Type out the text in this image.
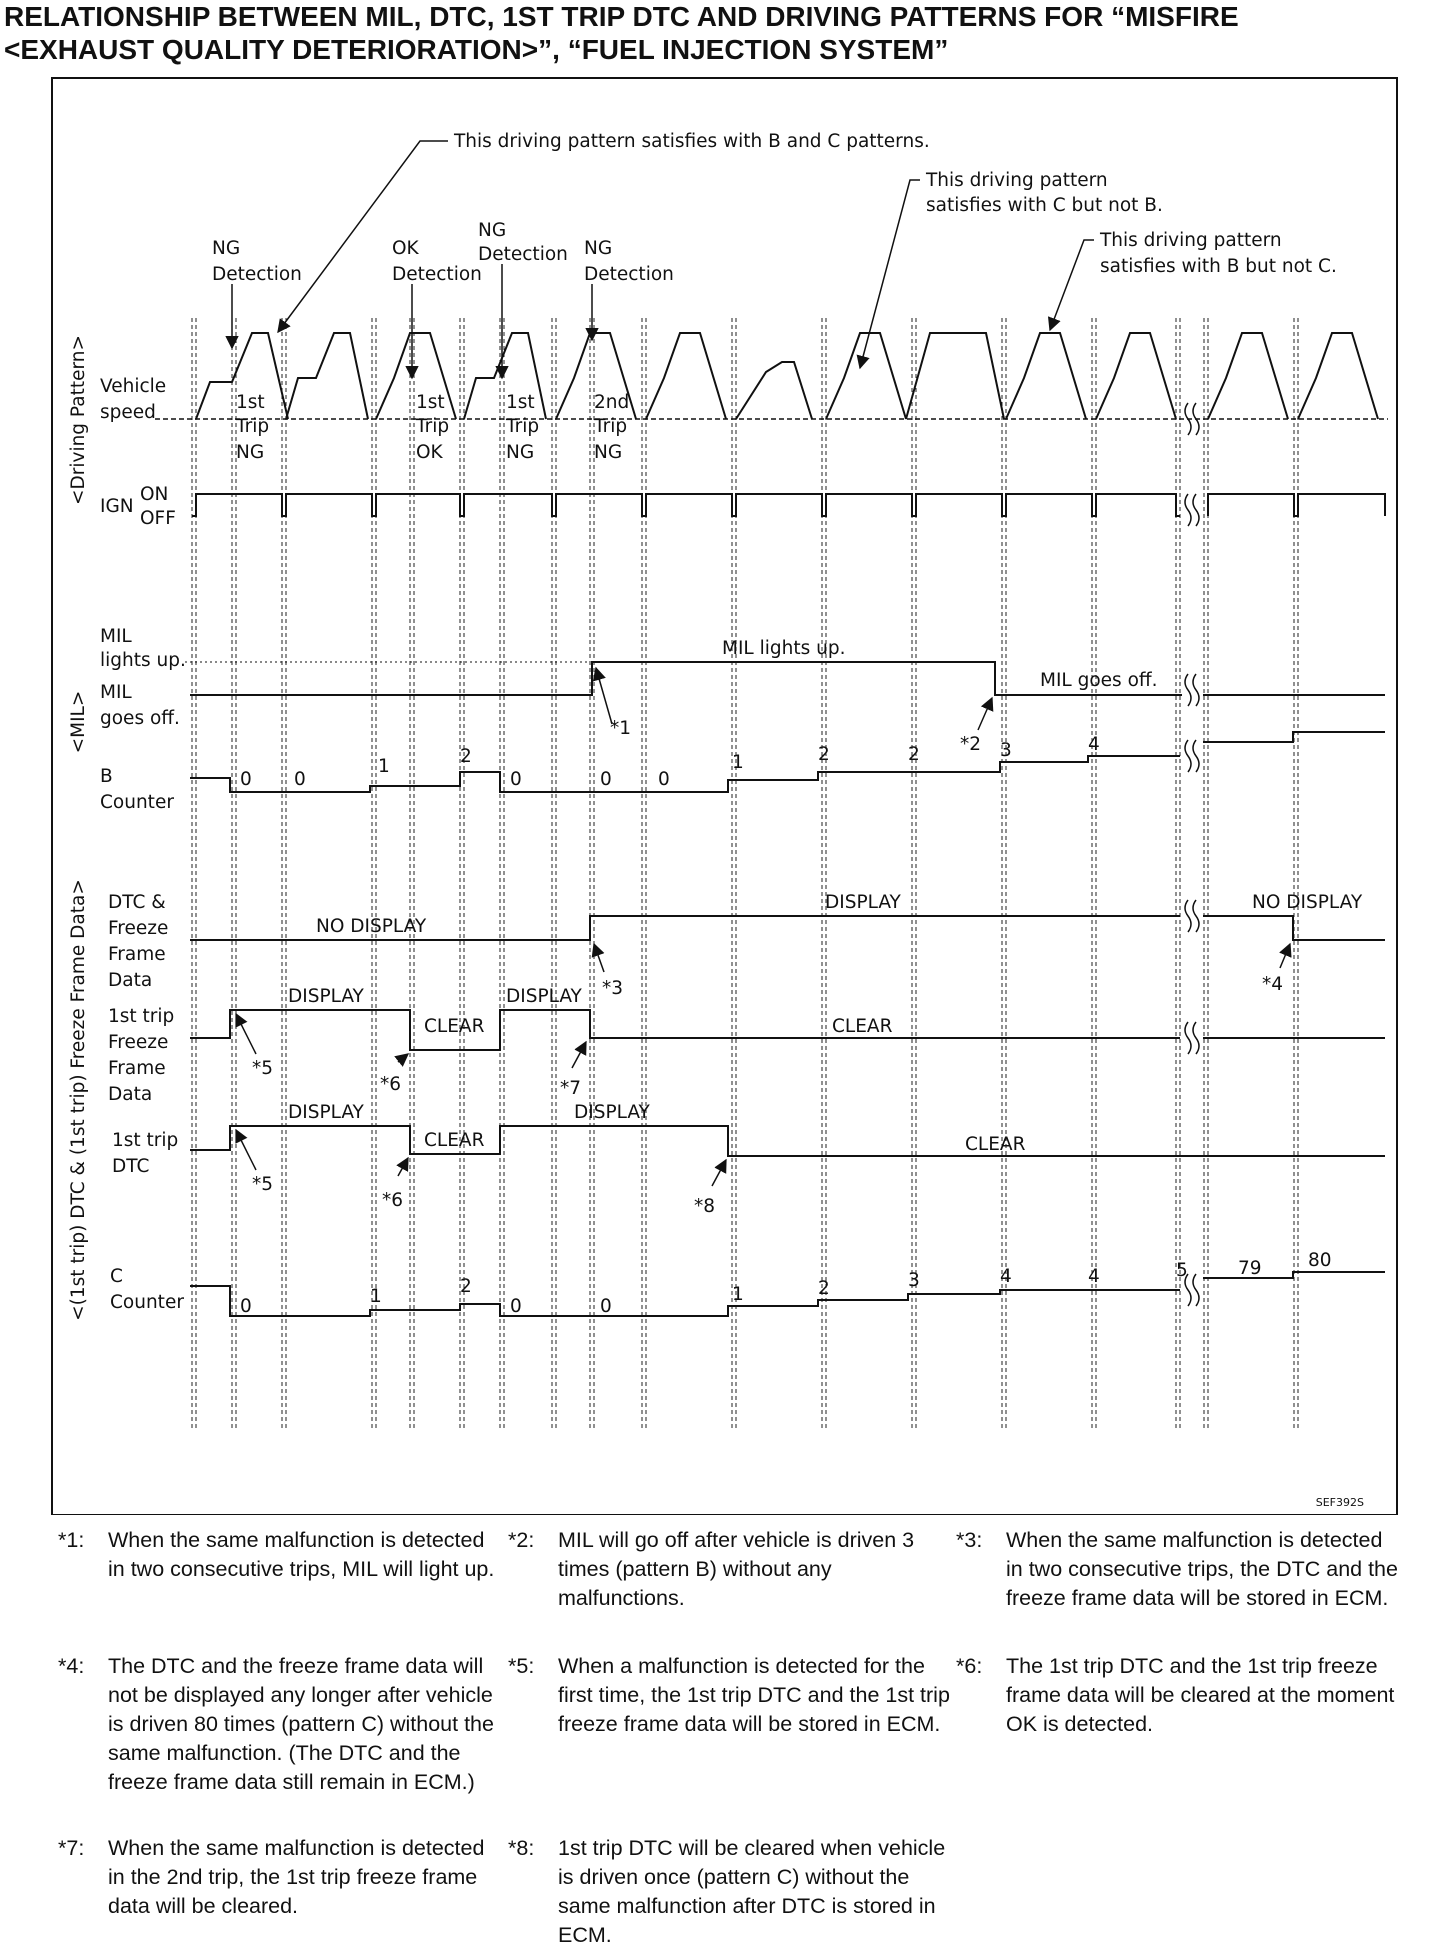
RELATIONSHIP BETWEEN MIL, DTC, 1ST TRIP DTC AND DRIVING PATTERNS FOR “MISFIRE
<EXHAUST QUALITY DETERIORATION>”, “FUEL INJECTION SYSTEM”
<Driving Pattern>
<MIL>
<(1st trip) DTC & (1st trip) Freeze Frame Data>
Vehicle
speed
IGN
ON
OFF
MIL
lights up.
MIL
goes off.
B
Counter
DTC &
Freeze
Frame
Data
1st trip
Freeze
Frame
Data
1st trip
DTC
C
Counter
0 0
1	2
0	0 0
1	2	2	3	4
0	1	2
0	0
1	2	3	4	4	5	79	80
NG
Detection
OK
Detection
NG
Detection NG
Detection
1st
Trip
NG
1st
Trip
OK
1st
Trip
NG
2nd
Trip
NG
This driving pattern satisfies with B and C patterns.
This driving pattern
satisfies with C but not B.
This driving pattern
satisfies with B but not C.
MIL lights up.
MIL goes off.
NO DISPLAY
DISPLAY	NO DISPLAY
DISPLAY
CLEAR
DISPLAY
CLEAR
DISPLAY
CLEAR
DISPLAY
CLEAR
*1
*2
*3	*4
*5
*6	*7
*5
*6	*8
SEF392S
*1: When the same malfunction is detected in two consecutive trips, MIL will light up.
*2: MIL will go off after vehicle is driven 3 times (pattern B) without any malfunctions.
*3: When the same malfunction is detected in two consecutive trips, the DTC and the freeze frame data will be stored in ECM.
*4: The DTC and the freeze frame data will not be displayed any longer after vehicle is driven 80 times (pattern C) without the same malfunction. (The DTC and the freeze frame data still remain in ECM.)
*5: When a malfunction is detected for the first time, the 1st trip DTC and the 1st trip freeze frame data will be stored in ECM.
*6: The 1st trip DTC and the 1st trip freeze frame data will be cleared at the moment OK is detected.
*7: When the same malfunction is detected in the 2nd trip, the 1st trip freeze frame data will be cleared.
*8: 1st trip DTC will be cleared when vehicle is driven once (pattern C) without the same malfunction after DTC is stored in ECM.
